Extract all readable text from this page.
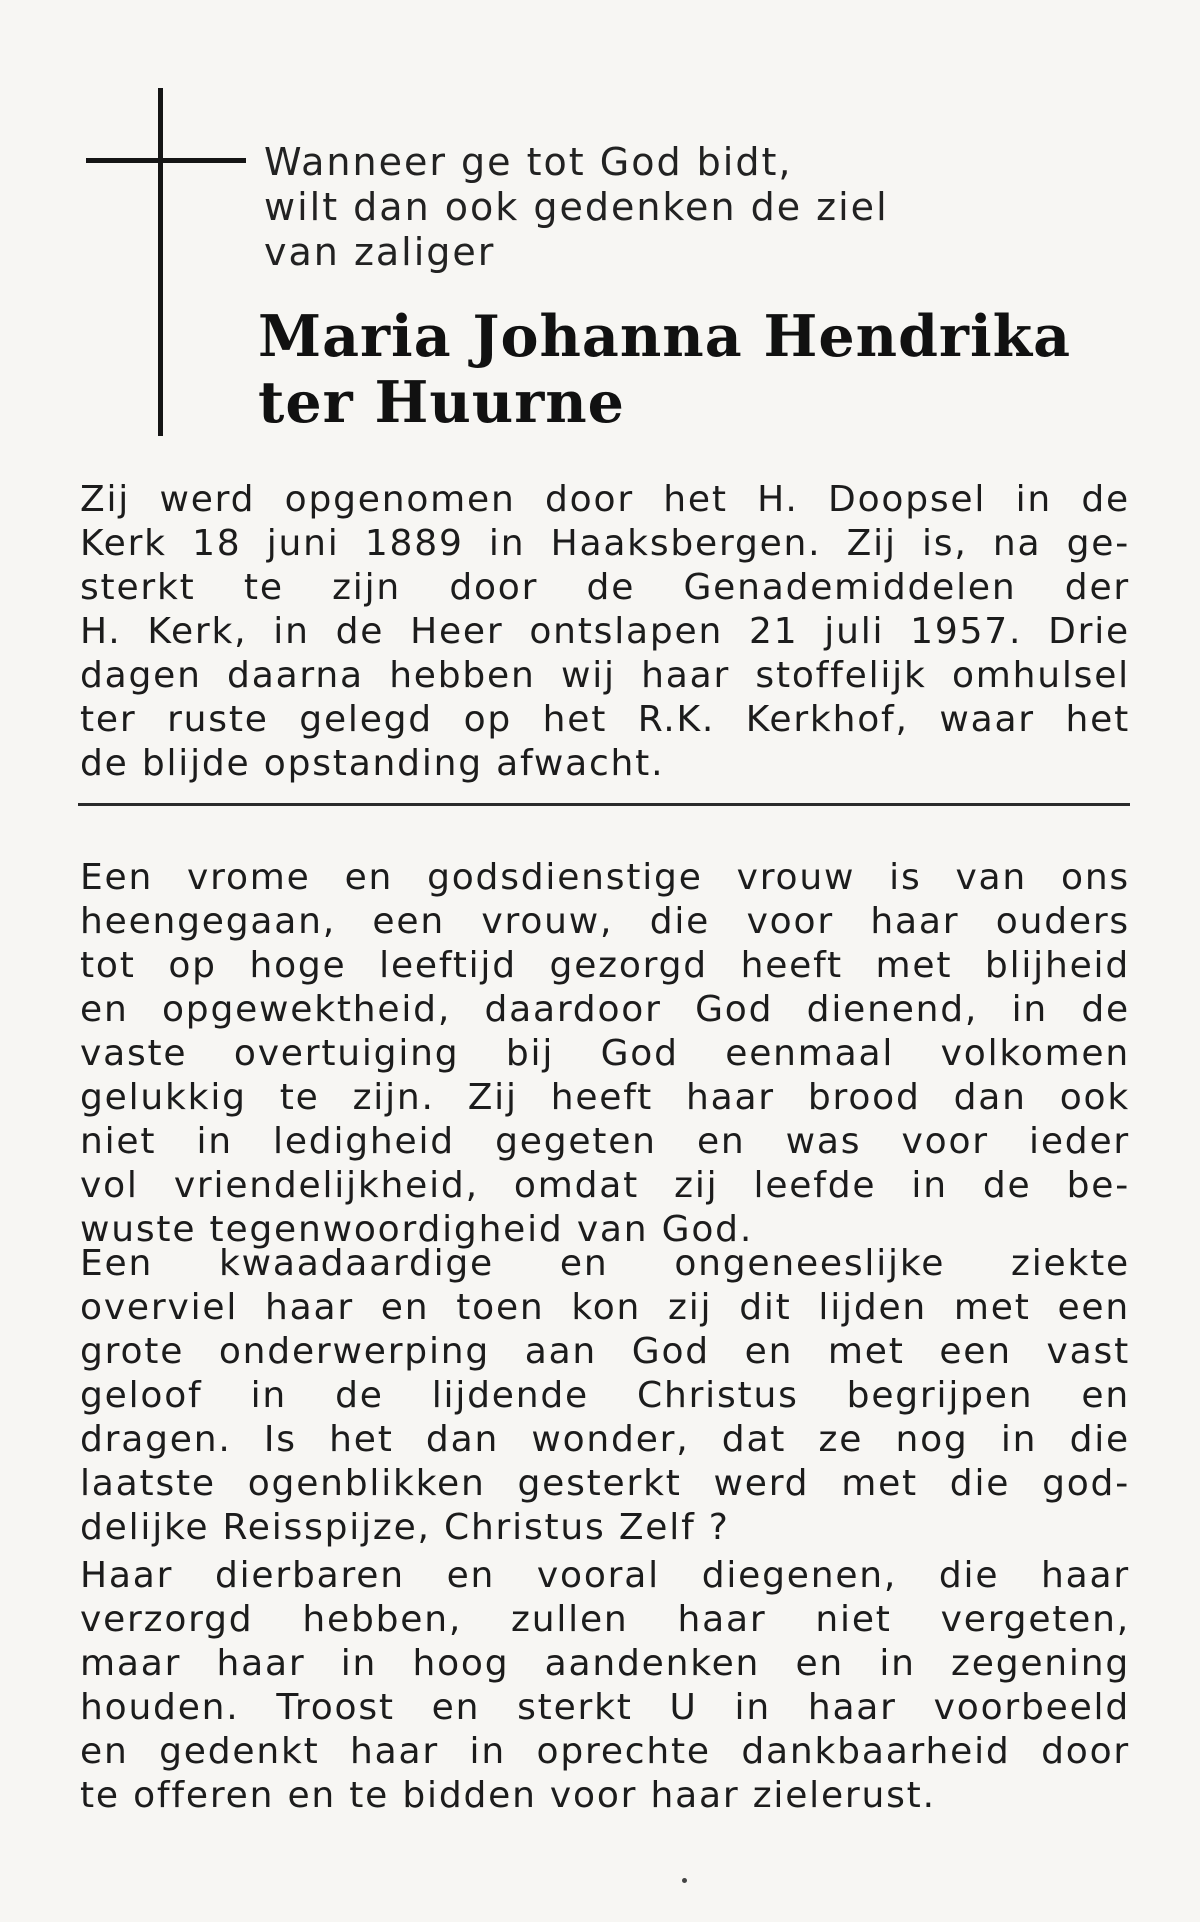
Wanneer ge tot God bidt,
wilt dan ook gedenken de ziel
van zaliger
Maria Johanna Hendrika
ter Huurne
Zij werd opgenomen door het H. Doopsel in de
Kerk 18 juni 1889 in Haaksbergen. Zij is, na ge-
sterkt te zijn door de Genademiddelen der
H. Kerk, in de Heer ontslapen 21 juli 1957. Drie
dagen daarna hebben wij haar stoffelijk omhulsel
ter ruste gelegd op het R.K. Kerkhof, waar het
de blijde opstanding afwacht.
Een vrome en godsdienstige vrouw is van ons
heengegaan, een vrouw, die voor haar ouders
tot op hoge leeftijd gezorgd heeft met blijheid
en opgewektheid, daardoor God dienend, in de
vaste overtuiging bij God eenmaal volkomen
gelukkig te zijn. Zij heeft haar brood dan ook
niet in ledigheid gegeten en was voor ieder
vol vriendelijkheid, omdat zij leefde in de be-
wuste tegenwoordigheid van God.
Een kwaadaardige en ongeneeslijke ziekte
overviel haar en toen kon zij dit lijden met een
grote onderwerping aan God en met een vast
geloof in de lijdende Christus begrijpen en
dragen. Is het dan wonder, dat ze nog in die
laatste ogenblikken gesterkt werd met die god-
delijke Reisspijze, Christus Zelf ?
Haar dierbaren en vooral diegenen, die haar
verzorgd hebben, zullen haar niet vergeten,
maar haar in hoog aandenken en in zegening
houden. Troost en sterkt U in haar voorbeeld
en gedenkt haar in oprechte dankbaarheid door
te offeren en te bidden voor haar zielerust.
